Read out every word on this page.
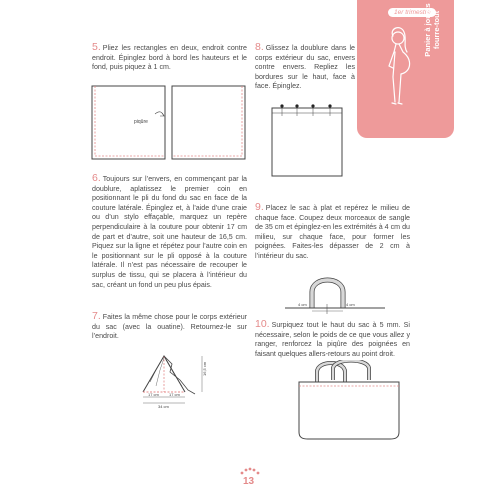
1er trimestre
Panier à jouets fourre-tout
5. Pliez les rectangles en deux, endroit contre endroit. Épinglez bord à bord les hauteurs et le fond, puis piquez à 1 cm.
piqûre
6. Toujours sur l’envers, en commençant par la doublure, aplatissez le premier coin en positionnant le pli du fond du sac en face de la couture latérale. Épinglez et, à l’aide d’une craie ou d’un stylo effaçable, marquez un repère perpendiculaire à la couture pour obtenir 17 cm de part et d’autre, soit une hauteur de 16,5 cm. Piquez sur la ligne et répétez pour l’autre coin en le positionnant sur le pli opposé à la couture latérale. Il n’est pas nécessaire de recouper le surplus de tissu, qui se placera à l’intérieur du sac, créant un fond un peu plus épais.
7. Faites la même chose pour le corps extérieur du sac (avec la ouatine). Retournez-le sur l’endroit.
17 cm	17 cm
34 cm
16,5 cm
8. Glissez la doublure dans le corps extérieur du sac, envers contre envers. Repliez les bordures sur le haut, face à face. Épinglez.
9. Placez le sac à plat et repérez le milieu de chaque face. Coupez deux morceaux de sangle de 35 cm et épinglez-en les extrémités à 4 cm du milieu, sur chaque face, pour former les poignées. Faites-les dépasser de 2 cm à l’intérieur du sac.
4 cm	4 cm
10. Surpiquez tout le haut du sac à 5 mm. Si nécessaire, selon le poids de ce que vous allez y ranger, renforcez la piqûre des poignées en faisant quelques allers-retours au point droit.
13
